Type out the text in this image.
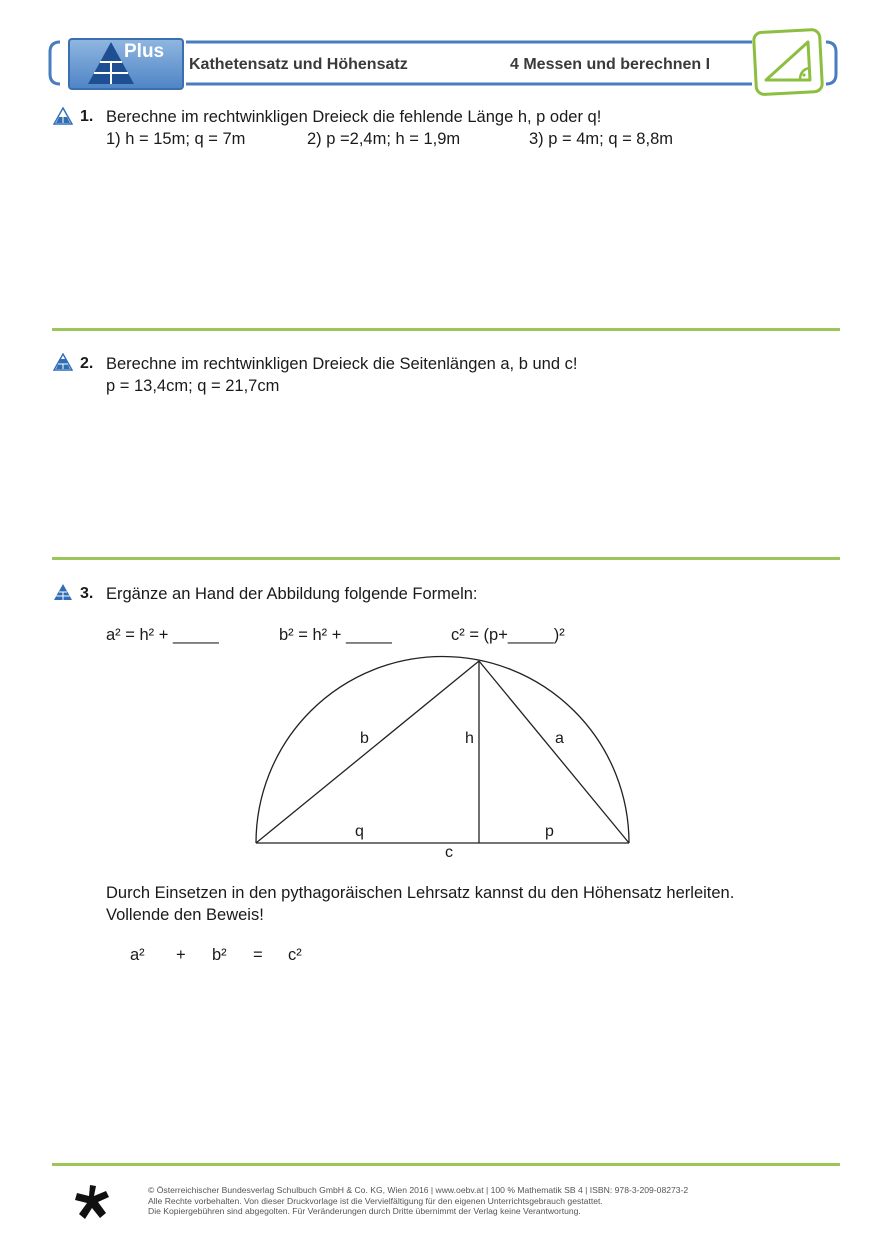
Plus
Kathetensatz und Höhensatz	4 Messen und berechnen I
1. Berechne im rechtwinkligen Dreieck die fehlende Länge h, p oder q!
1) h = 15m; q = 7m	2) p =2,4m; h = 1,9m	3) p = 4m; q = 8,8m
2. Berechne im rechtwinkligen Dreieck die Seitenlängen a, b und c!
p = 13,4cm; q = 21,7cm
3. Ergänze an Hand der Abbildung folgende Formeln:
a² = h² + _____	b² = h² + _____	c² = (p+_____)²
b	h	a
q	p
c
Durch Einsetzen in den pythagoräischen Lehrsatz kannst du den Höhensatz herleiten.
Vollende den Beweis!
a² + b² = c²
© Österreichischer Bundesverlag Schulbuch GmbH & Co. KG, Wien 2016 | www.oebv.at | 100 % Mathematik SB 4 | ISBN: 978-3-209-08273-2
Alle Rechte vorbehalten. Von dieser Druckvorlage ist die Vervielfältigung für den eigenen Unterrichtsgebrauch gestattet.
Die Kopiergebühren sind abgegolten. Für Veränderungen durch Dritte übernimmt der Verlag keine Verantwortung.
